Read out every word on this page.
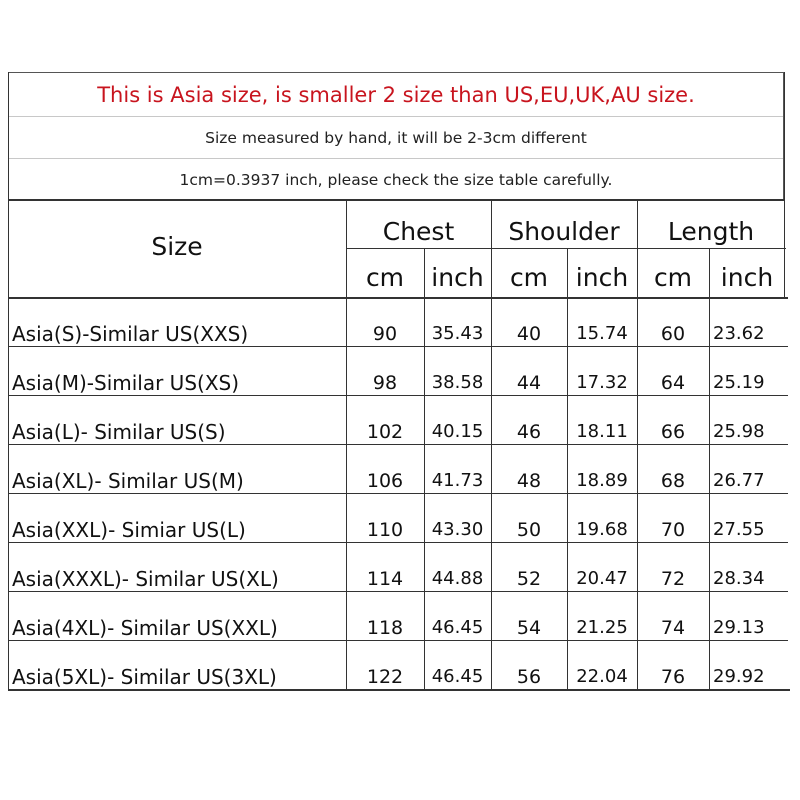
This is Asia size, is smaller 2 size than US,EU,UK,AU size.
Size measured by hand, it will be 2-3cm different
1cm=0.3937 inch, please check the size table carefully.
Size
Chest	Shoulder	Length
cm	inch	cm	inch	cm	inch
Asia(S)-Similar US(XXS)	90	35.43	40	15.74	60	23.62
Asia(M)-Similar US(XS)	98	38.58	44	17.32	64	25.19
Asia(L)- Similar US(S)	102	40.15	46	18.11	66	25.98
Asia(XL)- Similar US(M)	106	41.73	48	18.89	68	26.77
Asia(XXL)- Simiar US(L)	110	43.30	50	19.68	70	27.55
Asia(XXXL)- Similar US(XL)	114	44.88	52	20.47	72	28.34
Asia(4XL)- Similar US(XXL)	118	46.45	54	21.25	74	29.13
Asia(5XL)- Similar US(3XL)	122	46.45	56	22.04	76	29.92
